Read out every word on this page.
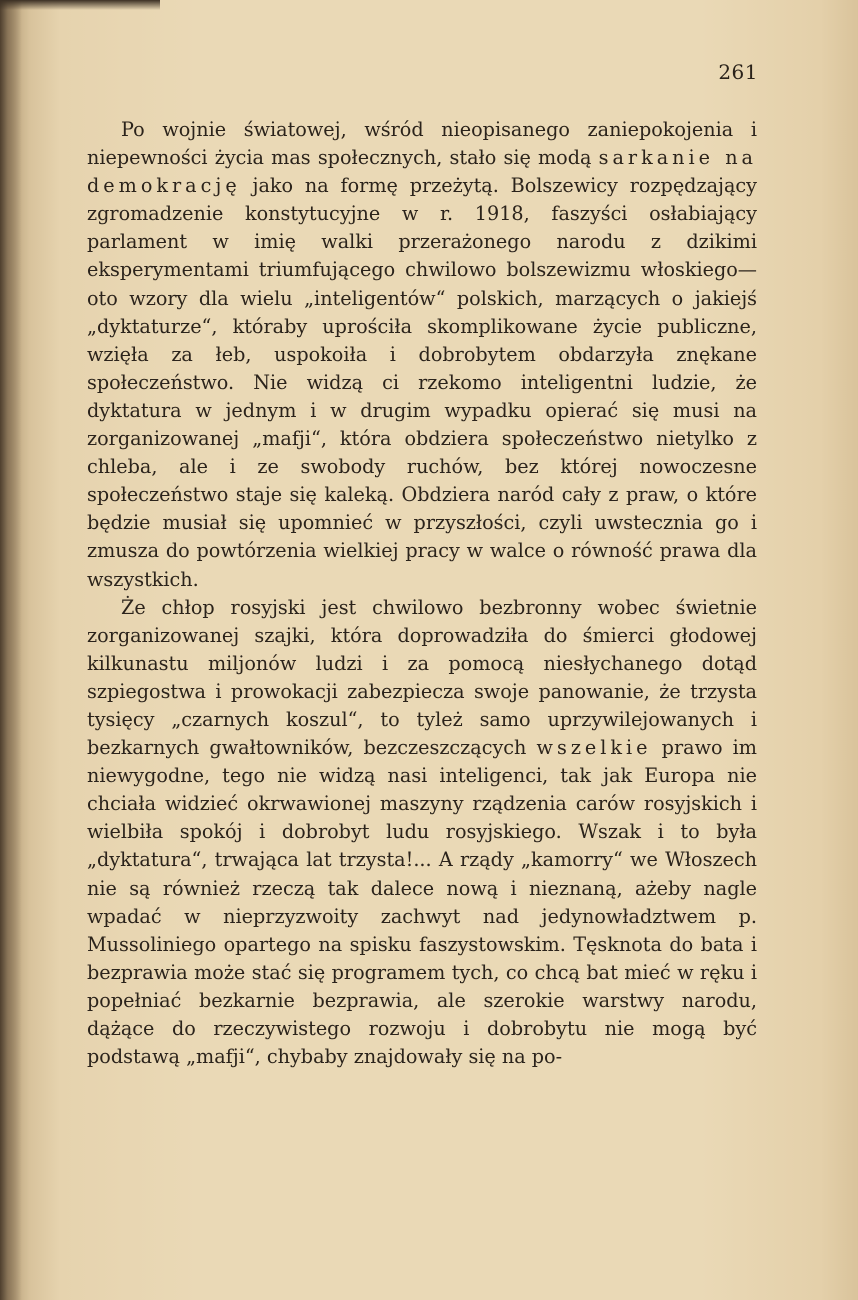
261

Po wojnie światowej, wśród nieopisanego zaniepokojenia i niepewności życia mas społecznych, stało się modą sarkanie na demokrację jako na formę przeżytą. Bolszewicy rozpędzający zgromadzenie konstytucyjne w r. 1918, faszyści osłabiający parlament w imię walki przerażonego narodu z dzikimi eksperymentami triumfującego chwilowo bolszewizmu włoskiego—oto wzory dla wielu „inteligentów“ polskich, marzących o jakiejś „dyktaturze“, któraby uprościła skomplikowane życie publiczne, wzięła za łeb, uspokoiła i dobrobytem obdarzyła znękane społeczeństwo. Nie widzą ci rzekomo inteligentni ludzie, że dyktatura w jednym i w drugim wypadku opierać się musi na zorganizowanej „mafji“, która obdziera społeczeństwo nietylko z chleba, ale i ze swobody ruchów, bez której nowoczesne społeczeństwo staje się kaleką. Obdziera naród cały z praw, o które będzie musiał się upomnieć w przyszłości, czyli uwstecznia go i zmusza do powtórzenia wielkiej pracy w walce o równość prawa dla wszystkich.

Że chłop rosyjski jest chwilowo bezbronny wobec świetnie zorganizowanej szajki, która doprowadziła do śmierci głodowej kilkunastu miljonów ludzi i za pomocą niesłychanego dotąd szpiegostwa i prowokacji zabezpiecza swoje panowanie, że trzysta tysięcy „czarnych koszul“, to tyleż samo uprzywilejowanych i bezkarnych gwałtowników, bezczeszczących wszelkie prawo im niewygodne, tego nie widzą nasi inteligenci, tak jak Europa nie chciała widzieć okrwawionej maszyny rządzenia carów rosyjskich i wielbiła spokój i dobrobyt ludu rosyjskiego. Wszak i to była „dyktatura“, trwająca lat trzysta!... A rządy „kamorry“ we Włoszech nie są również rzeczą tak dalece nową i nieznaną, ażeby nagle wpadać w nieprzyzwoity zachwyt nad jedynowładztwem p. Mussoliniego opartego na spisku faszystowskim. Tęsknota do bata i bezprawia może stać się programem tych, co chcą bat mieć w ręku i popełniać bezkarnie bezprawia, ale szerokie warstwy narodu, dążące do rzeczywistego rozwoju i dobrobytu nie mogą być podstawą „mafji“, chybaby znajdowały się na po-
